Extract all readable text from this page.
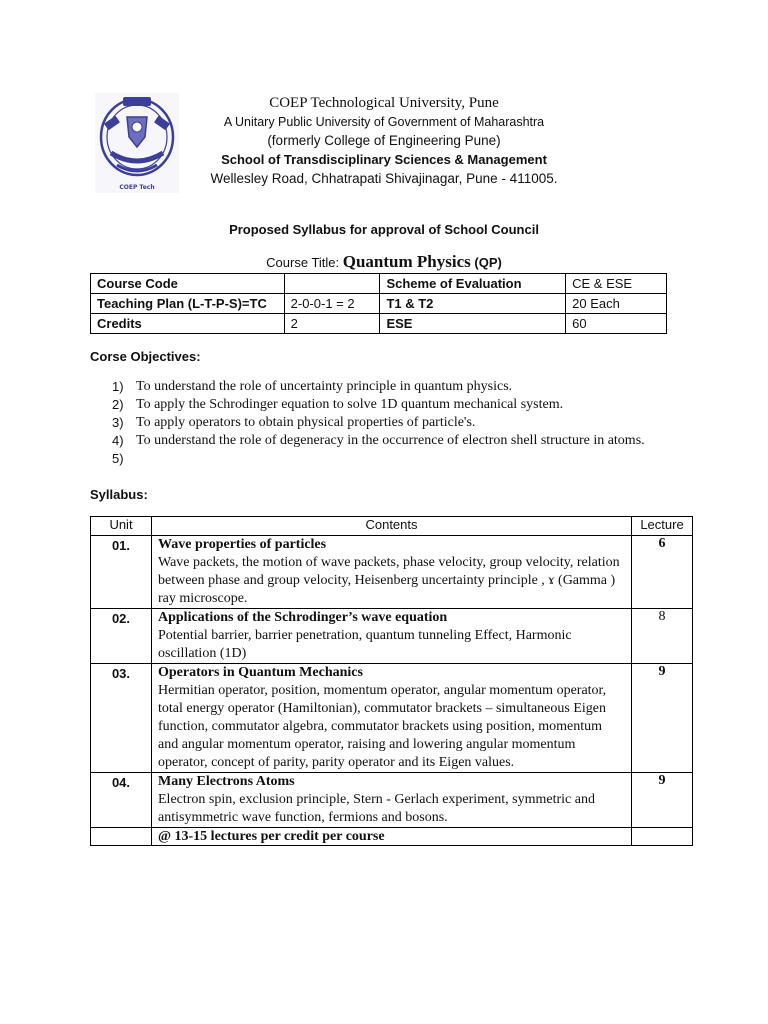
COEP Tech
COEP Technological University, Pune
A Unitary Public University of Government of Maharashtra
(formerly College of Engineering Pune)
School of Transdisciplinary Sciences & Management
Wellesley Road, Chhatrapati Shivajinagar, Pune - 411005.
Proposed Syllabus for approval of School Council
Course Title: Quantum Physics (QP)
Course Code		Scheme of Evaluation	CE & ESE
Teaching Plan (L-T-P-S)=TC	2-0-0-1 = 2	T1 & T2	20 Each
Credits	2	ESE	60
Corse Objectives:
1) To understand the role of uncertainty principle in quantum physics.
2) To apply the Schrodinger equation to solve 1D quantum mechanical system.
3) To apply operators to obtain physical properties of particle's.
4) To understand the role of degeneracy in the occurrence of electron shell structure in atoms.
5)
Syllabus:
Unit	Contents	Lecture
01.	Wave properties of particles
Wave packets, the motion of wave packets, phase velocity, group velocity, relation between phase and group velocity, Heisenberg uncertainty principle , ɤ (Gamma ) ray microscope.	6
02.	Applications of the Schrodinger’s wave equation
Potential barrier, barrier penetration, quantum tunneling Effect, Harmonic oscillation (1D)	8
03.	Operators in Quantum Mechanics
Hermitian operator, position, momentum operator, angular momentum operator, total energy operator (Hamiltonian), commutator brackets – simultaneous Eigen function, commutator algebra, commutator brackets using position, momentum and angular momentum operator, raising and lowering angular momentum operator, concept of parity, parity operator and its Eigen values.	9
04.	Many Electrons Atoms
Electron spin, exclusion principle, Stern - Gerlach experiment, symmetric and antisymmetric wave function, fermions and bosons.	9
	@ 13-15 lectures per credit per course	
